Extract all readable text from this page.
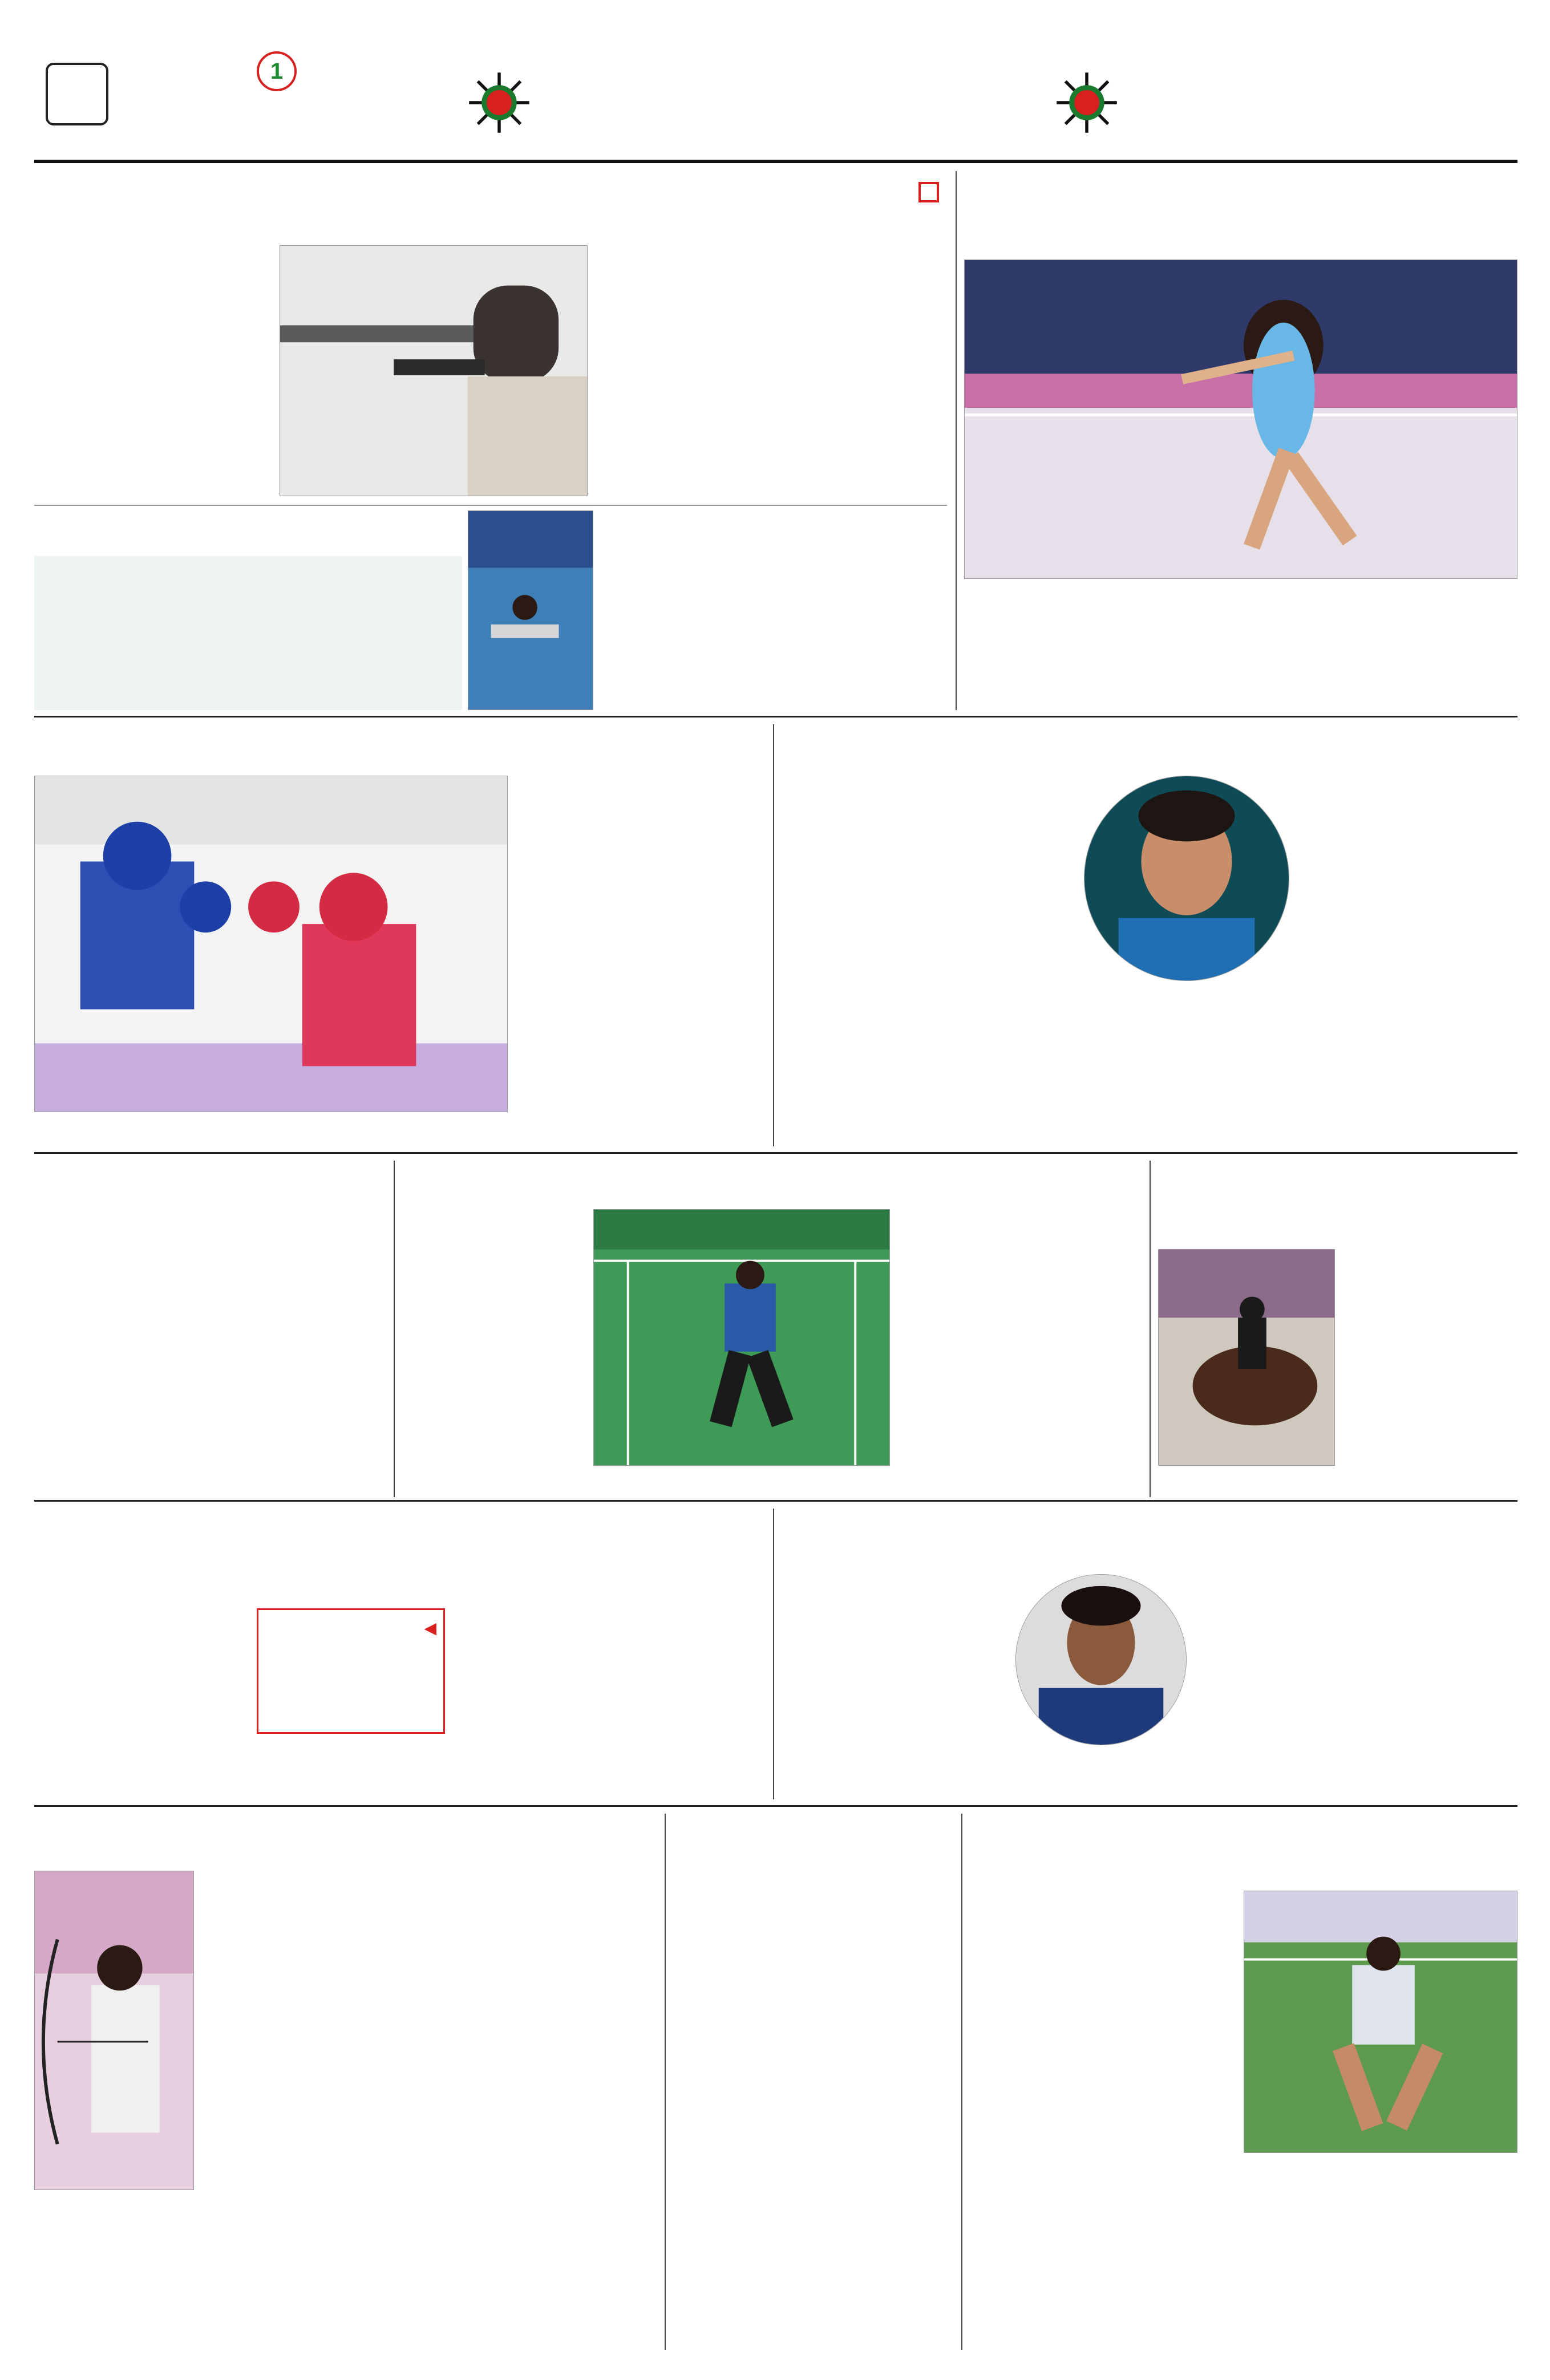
1
◀
